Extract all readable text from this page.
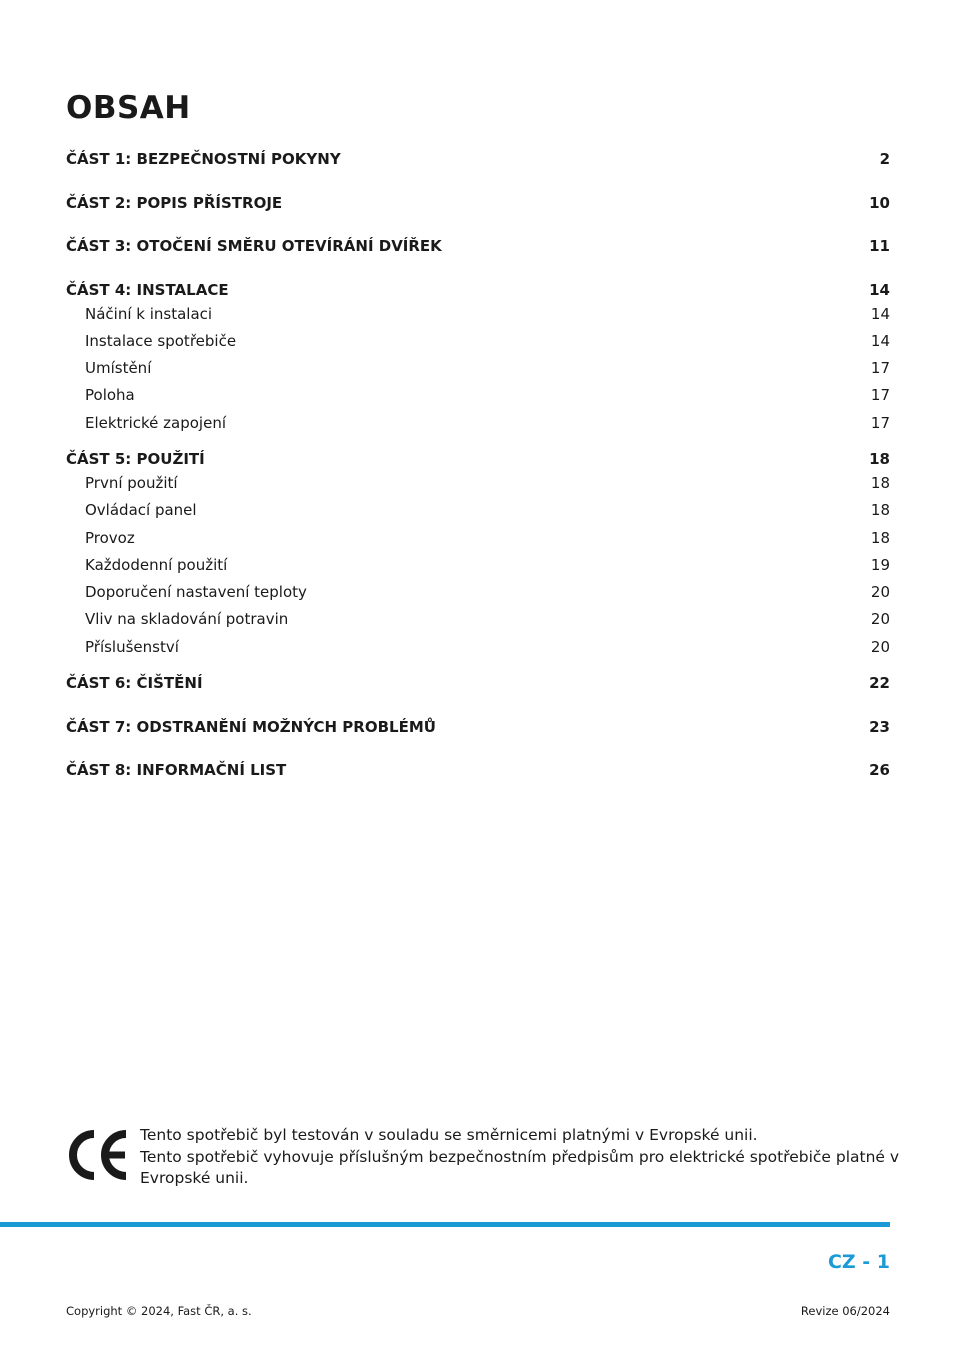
OBSAH
ČÁST 1: BEZPEČNOSTNÍ POKYNY	2
ČÁST 2: POPIS PŘÍSTROJE	10
ČÁST 3: OTOČENÍ SMĚRU OTEVÍRÁNÍ DVÍŘEK	11
ČÁST 4: INSTALACE	14
Náčiní k instalaci	14
Instalace spotřebiče	14
Umístění	17
Poloha	17
Elektrické zapojení	17
ČÁST 5: POUŽITÍ	18
První použití	18
Ovládací panel	18
Provoz	18
Každodenní použití	19
Doporučení nastavení teploty	20
Vliv na skladování potravin	20
Příslušenství	20
ČÁST 6: ČIŠTĚNÍ	22
ČÁST 7: ODSTRANĚNÍ MOŽNÝCH PROBLÉMŮ	23
ČÁST 8: INFORMAČNÍ LIST	26

Tento spotřebič byl testován v souladu se směrnicemi platnými v Evropské unii.

Tento spotřebič vyhovuje příslušným bezpečnostním předpisům pro elektrické spotřebiče platné v Evropské unii.

CZ - 1
Copyright © 2024, Fast ČR, a. s.	Revize 06/2024
